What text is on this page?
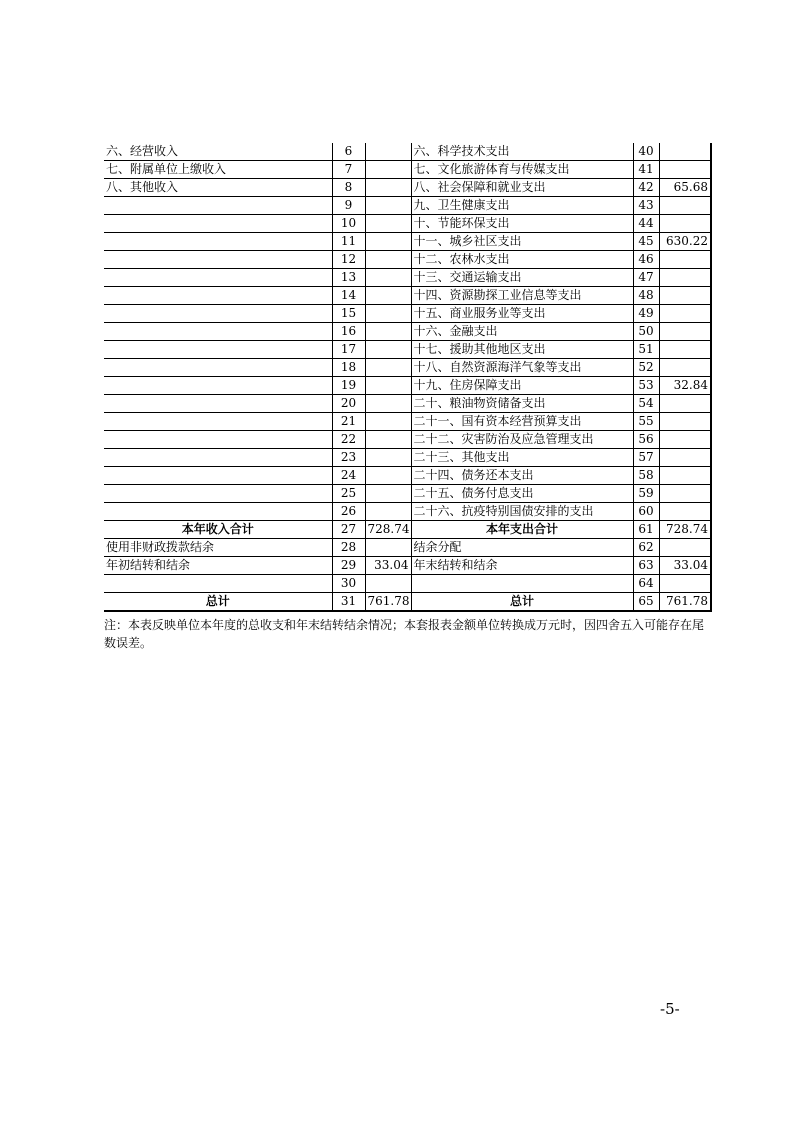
六、经营收入	6		六、科学技术支出	40	
七、附属单位上缴收入	7		七、文化旅游体育与传媒支出	41	
八、其他收入	8		八、社会保障和就业支出	42	65.68
	9		九、卫生健康支出	43	
	10		十、节能环保支出	44	
	11		十一、城乡社区支出	45	630.22
	12		十二、农林水支出	46	
	13		十三、交通运输支出	47	
	14		十四、资源勘探工业信息等支出	48	
	15		十五、商业服务业等支出	49	
	16		十六、金融支出	50	
	17		十七、援助其他地区支出	51	
	18		十八、自然资源海洋气象等支出	52	
	19		十九、住房保障支出	53	32.84
	20		二十、粮油物资储备支出	54	
	21		二十一、国有资本经营预算支出	55	
	22		二十二、灾害防治及应急管理支出	56	
	23		二十三、其他支出	57	
	24		二十四、债务还本支出	58	
	25		二十五、债务付息支出	59	
	26		二十六、抗疫特别国债安排的支出	60	
本年收入合计	27	728.74	本年支出合计	61	728.74
使用非财政拨款结余	28		结余分配	62	
年初结转和结余	29	33.04	年末结转和结余	63	33.04
	30			64	
总计	31	761.78	总计	65	761.78
注：本表反映单位本年度的总收支和年末结转结余情况；本套报表金额单位转换成万元时，因四舍五入可能存在尾数误差。
-5-
